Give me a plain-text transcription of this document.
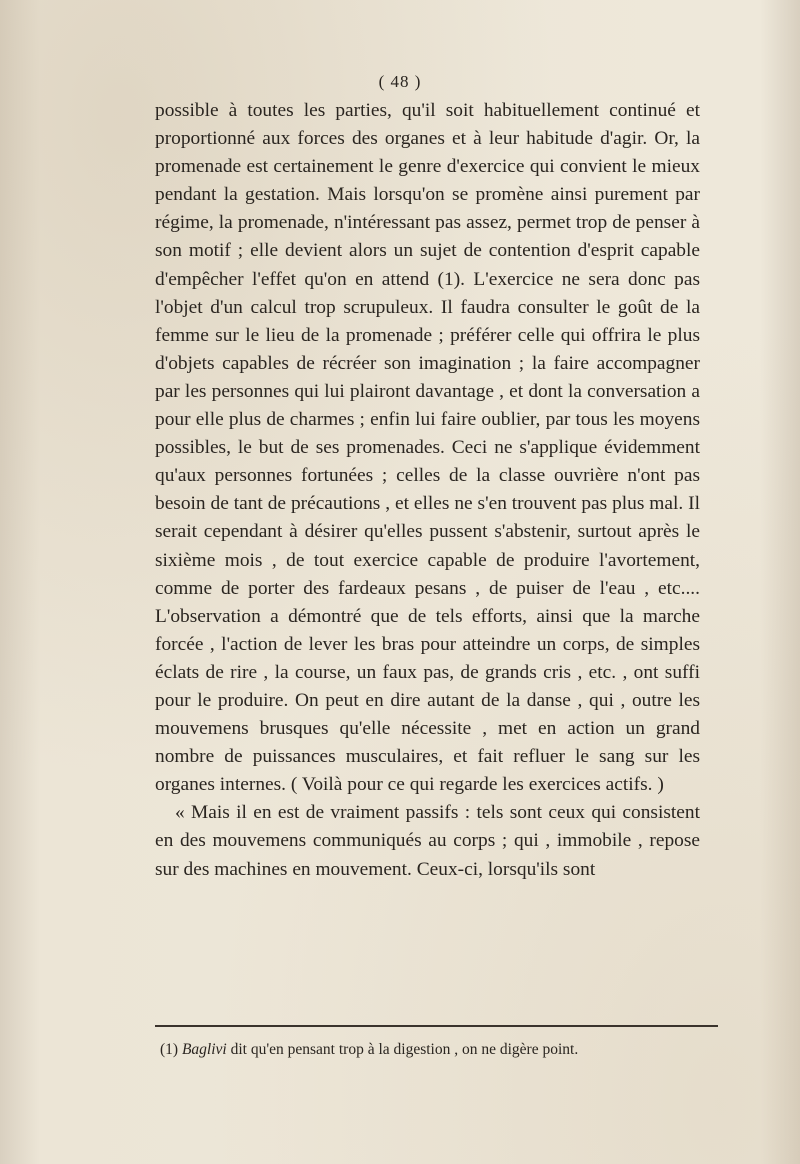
( 48 )

possible à toutes les parties, qu'il soit habituellement continué et proportionné aux forces des organes et à leur habitude d'agir. Or, la promenade est certainement le genre d'exercice qui convient le mieux pendant la gestation. Mais lorsqu'on se promène ainsi purement par régime, la promenade, n'intéressant pas assez, permet trop de penser à son motif ; elle devient alors un sujet de contention d'esprit capable d'empêcher l'effet qu'on en attend (1). L'exercice ne sera donc pas l'objet d'un calcul trop scrupuleux. Il faudra consulter le goût de la femme sur le lieu de la promenade ; préférer celle qui offrira le plus d'objets capables de récréer son imagination ; la faire accompagner par les personnes qui lui plairont davantage , et dont la conversation a pour elle plus de charmes ; enfin lui faire oublier, par tous les moyens possibles, le but de ses promenades. Ceci ne s'applique évidemment qu'aux personnes fortunées ; celles de la classe ouvrière n'ont pas besoin de tant de précautions , et elles ne s'en trouvent pas plus mal. Il serait cependant à désirer qu'elles pussent s'abstenir, surtout après le sixième mois , de tout exercice capable de produire l'avortement, comme de porter des fardeaux pesans , de puiser de l'eau , etc.... L'observation a démontré que de tels efforts, ainsi que la marche forcée , l'action de lever les bras pour atteindre un corps, de simples éclats de rire , la course, un faux pas, de grands cris , etc. , ont suffi pour le produire. On peut en dire autant de la danse , qui , outre les mouvemens brusques qu'elle nécessite , met en action un grand nombre de puissances musculaires, et fait refluer le sang sur les organes internes. ( Voilà pour ce qui regarde les exercices actifs. )

« Mais il en est de vraiment passifs : tels sont ceux qui consistent en des mouvemens communiqués au corps ; qui , immobile , repose sur des machines en mouvement. Ceux-ci, lorsqu'ils sont

(1) Baglivi dit qu'en pensant trop à la digestion , on ne digère point.
